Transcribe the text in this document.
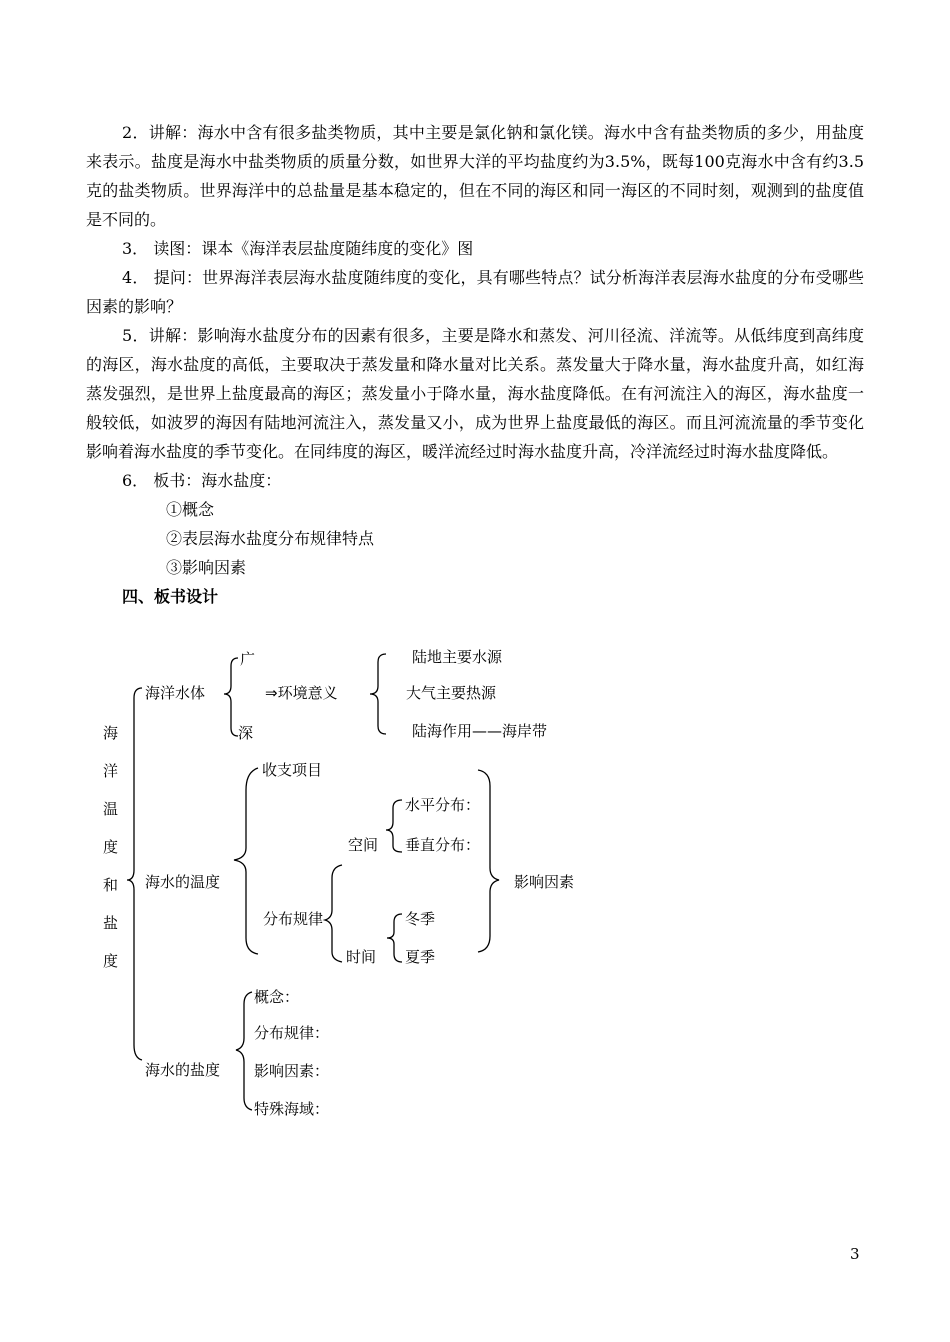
2．讲解：海水中含有很多盐类物质，其中主要是氯化钠和氯化镁。海水中含有盐类物质的多少，用盐度来表示。盐度是海水中盐类物质的质量分数，如世界大洋的平均盐度约为3.5%，既每100克海水中含有约3.5克的盐类物质。世界海洋中的总盐量是基本稳定的，但在不同的海区和同一海区的不同时刻，观测到的盐度值是不同的。

3． 读图：课本《海洋表层盐度随纬度的变化》图

4． 提问：世界海洋表层海水盐度随纬度的变化，具有哪些特点？试分析海洋表层海水盐度的分布受哪些因素的影响？

5．讲解：影响海水盐度分布的因素有很多，主要是降水和蒸发、河川径流、洋流等。从低纬度到高纬度的海区，海水盐度的高低，主要取决于蒸发量和降水量对比关系。蒸发量大于降水量，海水盐度升高，如红海蒸发强烈，是世界上盐度最高的海区；蒸发量小于降水量，海水盐度降低。在有河流注入的海区，海水盐度一般较低，如波罗的海因有陆地河流注入，蒸发量又小，成为世界上盐度最低的海区。而且河流流量的季节变化影响着海水盐度的季节变化。在同纬度的海区，暖洋流经过时海水盐度升高，冷洋流经过时海水盐度降低。

6． 板书：海水盐度：

①概念

②表层海水盐度分布规律特点

③影响因素

四、板书设计

海
洋
温
度
和
盐
度
海洋水体
广
深
⇒环境意义
陆地主要水源
大气主要热源
陆海作用——海岸带
海水的温度
收支项目
分布规律
空间
水平分布：
垂直分布：
时间
冬季
夏季
影响因素
海水的盐度
概念：
分布规律：
影响因素：
特殊海域：
3
